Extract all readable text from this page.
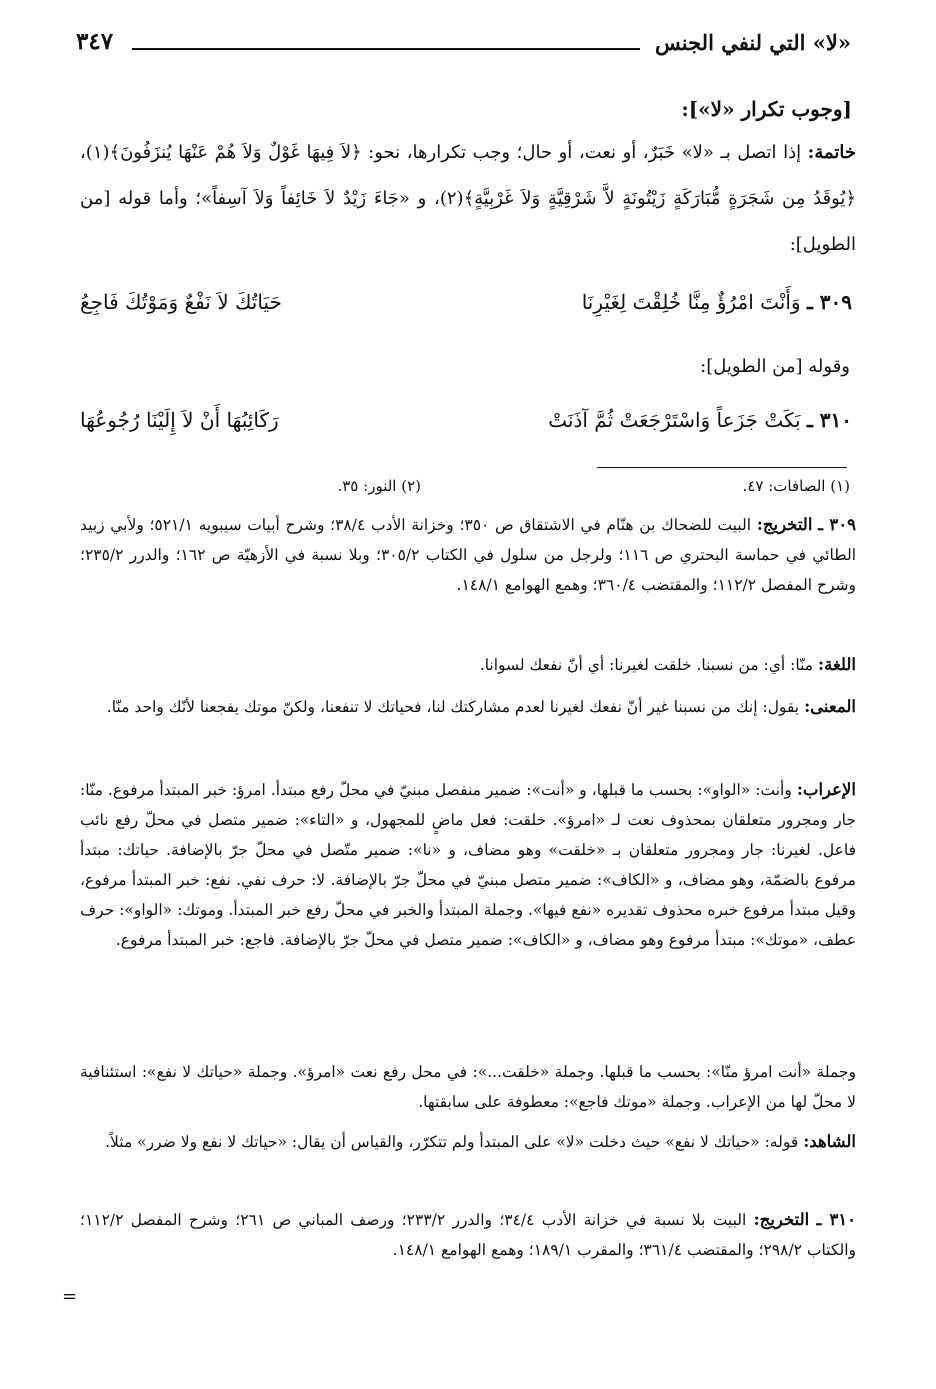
«لا» التي لنفي الجنس
٣٤٧
[وجوب تكرار «لا»]:
خاتمة: إذا اتصل بـ «لا» خَبَرٌ، أو نعت، أو حال؛ وجب تكرارها، نحو: ﴿لاَ فِيهَا غَوْلٌ وَلاَ هُمْ عَنْهَا يُنزَفُونَ﴾(١)، ﴿يُوقَدُ مِن شَجَرَةٍ مُّبَارَكَةٍ زَيْتُونَةٍ لاَّ شَرْقِيَّةٍ وَلاَ غَرْبِيَّةٍ﴾(٢)، و «جَاءَ زَيْدٌ لاَ خَائِفاً وَلاَ آسِفاً»؛ وأما قوله [من الطويل]:
٣٠٩ ـ وَأَنْتَ امْرُؤٌ مِنَّا خُلِقْتَ لِغَيْرِنَا
حَيَاتُكَ لاَ نَفْعٌ وَمَوْتُكَ فَاجِعُ
وقوله [من الطويل]:
٣١٠ ـ بَكَتْ جَزَعاً وَاسْتَرْجَعَتْ ثُمَّ آذَنَتْ
رَكَائِبُهَا أَنْ لاَ إِلَيْنَا رُجُوعُهَا
(١) الصافات: ٤٧.
(٢) النور: ٣٥.
٣٠٩ ـ التخريج: البيت للضحاك بن هنّام في الاشتقاق ص ٣٥٠؛ وخزانة الأدب ٣٨/٤؛ وشرح أبيات سيبويه ٥٢١/١؛ ولأبي زبيد الطائي في حماسة البحتري ص ١١٦؛ ولرجل من سلول في الكتاب ٣٠٥/٢؛ وبلا نسبة في الأزهيّة ص ١٦٢؛ والدرر ٢٣٥/٢؛ وشرح المفصل ١١٢/٢؛ والمقتضب ٣٦٠/٤؛ وهمع الهوامع ١٤٨/١.
اللغة: منّا: أي: من نسبنا. خلقت لغيرنا: أي أنّ نفعك لسوانا.
المعنى: يقول: إنك من نسبنا غير أنّ نفعك لغيرنا لعدم مشاركتك لنا، فحياتك لا تنفعنا، ولكنّ موتك يفجعنا لأنّك واحد منّا.
الإعراب: وأنت: «الواو»: بحسب ما قبلها، و «أنت»: ضمير منفصل مبنيّ في محلّ رفع مبتدأ. امرؤ: خبر المبتدأ مرفوع. منّا: جار ومجرور متعلقان بمحذوف نعت لـ «امرؤ». خلقت: فعل ماضٍ للمجهول، و «التاء»: ضمير متصل في محلّ رفع نائب فاعل. لغيرنا: جار ومجرور متعلقان بـ «خلقت» وهو مضاف، و «نا»: ضمير متّصل في محلّ جرّ بالإضافة. حياتك: مبتدأ مرفوع بالضمّة، وهو مضاف، و «الكاف»: ضمير متصل مبنيّ في محلّ جرّ بالإضافة. لا: حرف نفي. نفع: خبر المبتدأ مرفوع، وقيل مبتدأ مرفوع خبره محذوف تقديره «نفع فيها». وجملة المبتدأ والخبر في محلّ رفع خبر المبتدأ. وموتك: «الواو»: حرف عطف، «موتك»: مبتدأ مرفوع وهو مضاف، و «الكاف»: ضمير متصل في محلّ جرّ بالإضافة. فاجع: خبر المبتدأ مرفوع.
وجملة «أنت امرؤ منّا»: بحسب ما قبلها. وجملة «خلقت...»: في محل رفع نعت «امرؤ». وجملة «حياتك لا نفع»: استئنافية لا محلّ لها من الإعراب. وجملة «موتك فاجع»: معطوفة على سابقتها.
الشاهد: قوله: «حياتك لا نفع» حيث دخلت «لا» على المبتدأ ولم تتكرّر، والقياس أن يقال: «حياتك لا نفع ولا ضرر» مثلاً.
٣١٠ ـ التخريج: البيت بلا نسبة في خزانة الأدب ٣٤/٤؛ والدرر ٢٣٣/٢؛ ورصف المباني ص ٢٦١؛ وشرح المفصل ١١٢/٢؛ والكتاب ٢٩٨/٢؛ والمقتضب ٣٦١/٤؛ والمقرب ١٨٩/١؛ وهمع الهوامع ١٤٨/١.
=
